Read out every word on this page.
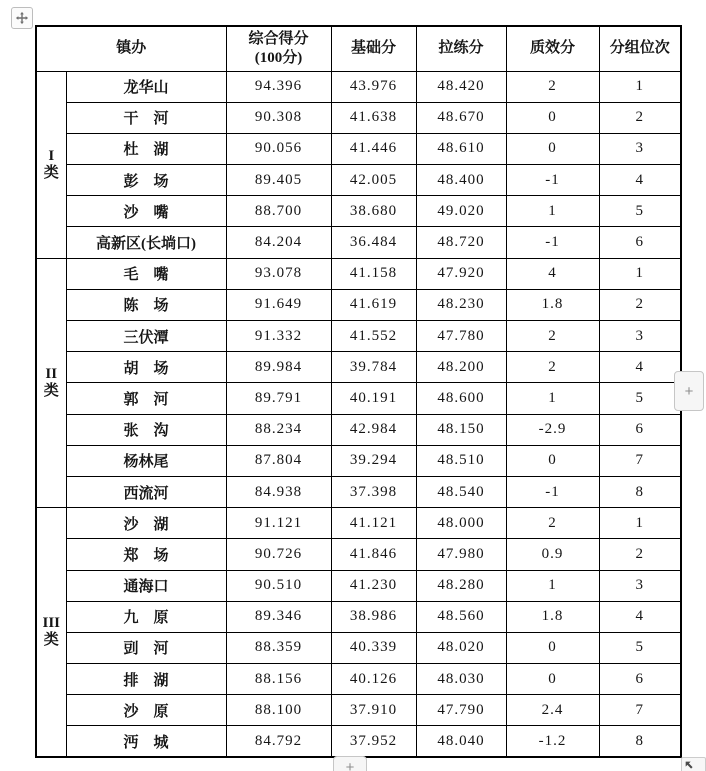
镇办		综合得分
(100分)	基础分	拉练分	质效分	分组位次

I
类	龙华山	94.396	43.976	48.420	2	1
	干　河	90.308	41.638	48.670	0	2
	杜　湖	90.056	41.446	48.610	0	3
	彭　场	89.405	42.005	48.400	-1	4
	沙　嘴	88.700	38.680	49.020	1	5
	高新区(长埫口)	84.204	36.484	48.720	-1	6

II
类	毛　嘴	93.078	41.158	47.920	4	1
	陈　场	91.649	41.619	48.230	1.8	2
	三伏潭	91.332	41.552	47.780	2	3
	胡　场	89.984	39.784	48.200	2	4
	郭　河	89.791	40.191	48.600	1	5
	张　沟	88.234	42.984	48.150	-2.9	6
	杨林尾	87.804	39.294	48.510	0	7
	西流河	84.938	37.398	48.540	-1	8

III
类	沙　湖	91.121	41.121	48.000	2	1
	郑　场	90.726	41.846	47.980	0.9	2
	通海口	90.510	41.230	48.280	1	3
	九　原	89.346	38.986	48.560	1.8	4
	剅　河	88.359	40.339	48.020	0	5
	排　湖	88.156	40.126	48.030	0	6
	沙　原	88.100	37.910	47.790	2.4	7
	沔　城	84.792	37.952	48.040	-1.2	8
+
+
